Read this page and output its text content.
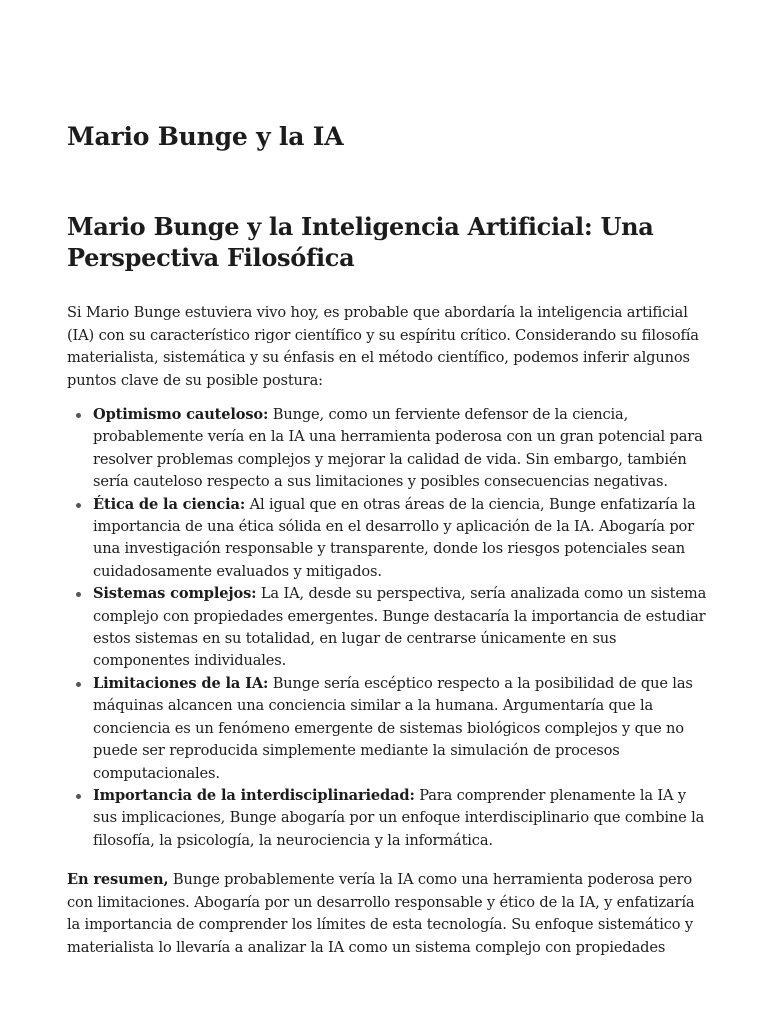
Mario Bunge y la IA
Mario Bunge y la Inteligencia Artificial: Una Perspectiva Filosófica

Si Mario Bunge estuviera vivo hoy, es probable que abordaría la inteligencia artificial (IA) con su característico rigor científico y su espíritu crítico. Considerando su filosofía materialista, sistemática y su énfasis en el método científico, podemos inferir algunos puntos clave de su posible postura:

Optimismo cauteloso: Bunge, como un ferviente defensor de la ciencia, probablemente vería en la IA una herramienta poderosa con un gran potencial para resolver problemas complejos y mejorar la calidad de vida. Sin embargo, también sería cauteloso respecto a sus limitaciones y posibles consecuencias negativas.
Ética de la ciencia: Al igual que en otras áreas de la ciencia, Bunge enfatizaría la importancia de una ética sólida en el desarrollo y aplicación de la IA. Abogaría por una investigación responsable y transparente, donde los riesgos potenciales sean cuidadosamente evaluados y mitigados.
Sistemas complejos: La IA, desde su perspectiva, sería analizada como un sistema complejo con propiedades emergentes. Bunge destacaría la importancia de estudiar estos sistemas en su totalidad, en lugar de centrarse únicamente en sus componentes individuales.
Limitaciones de la IA: Bunge sería escéptico respecto a la posibilidad de que las máquinas alcancen una conciencia similar a la humana. Argumentaría que la conciencia es un fenómeno emergente de sistemas biológicos complejos y que no puede ser reproducida simplemente mediante la simulación de procesos computacionales.
Importancia de la interdisciplinariedad: Para comprender plenamente la IA y sus implicaciones, Bunge abogaría por un enfoque interdisciplinario que combine la filosofía, la psicología, la neurociencia y la informática.

En resumen, Bunge probablemente vería la IA como una herramienta poderosa pero con limitaciones. Abogaría por un desarrollo responsable y ético de la IA, y enfatizaría la importancia de comprender los límites de esta tecnología. Su enfoque sistemático y materialista lo llevaría a analizar la IA como un sistema complejo con propiedades
